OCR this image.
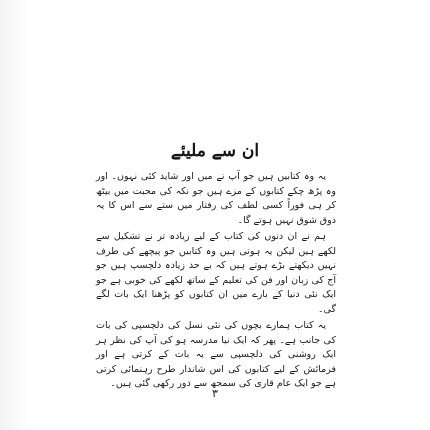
ان سے ملیئے

یہ وہ کتابیں ہیں جو آپ نے میں اور شاید کئی نہوں۔ اور وہ پڑھ چکے کتابوں کے مزے ہیں جو نکہ کی محبت میں بیٹھ کر ہی فوراً کسی لطف کی رفتار میں ستے سے اس کا یہ ذوق شوق نہیں ہوتے گا۔

ہم نے ان دنوں کی کتاب کے لیے زیادہ تر نے تشکیل سے لکھے ہیں لیکن یہ ہوتی ہیں وہ کتابیں جو پیچھے کی طرف نہیں دیکھتے بڑے ہوتے ہیں کہ بے حد زیادہ دلچسپ ہیں جو آج کی زبان اور فن کی تعلیم کے ساتھ لکھے کی خوبی ہے جو ایک نئی دنیا کے بارے میں ان کتابوں کو پڑھنا ایک بات لگے گی۔

یہ کتاب ہمارے بچوں کی نئی نسل کی دلچسپی کی بات کی جانب ہے۔ پھر کہ ایک نیا مدرسہ ہو کی آپ کی نظر ہر ایک روشنی کی دلچسپی سے یہ بات کے کرتی ہے اور فرمائش کے لیے کتابوں کی اس شاندار طرح رہنمائی کرتی ہے جو ایک عام قاری کی سمجھ سے دور رکھی گئی ہیں۔

۳
